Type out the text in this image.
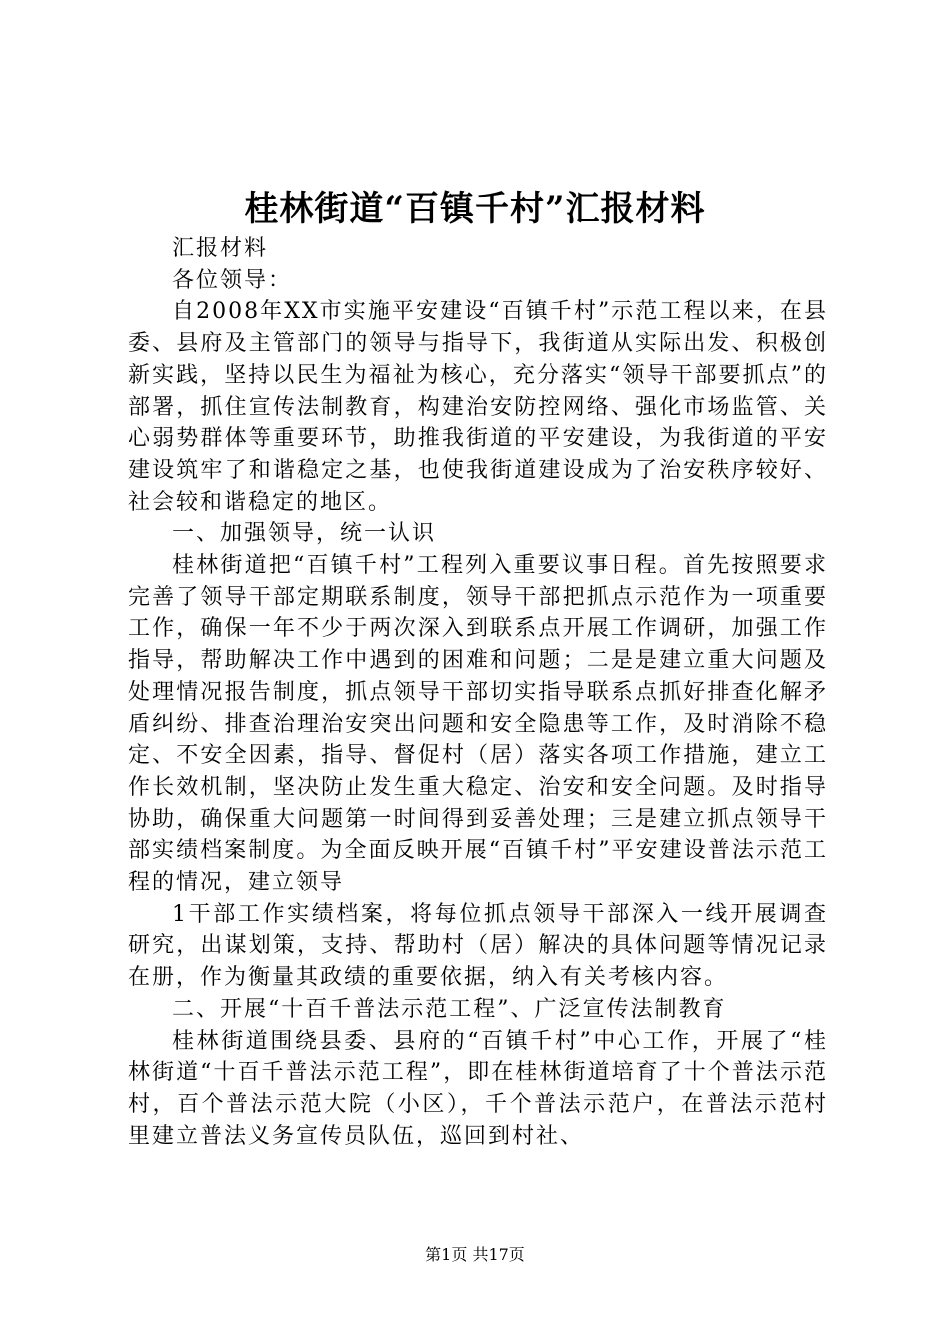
桂林街道“百镇千村”汇报材料

汇报材料

各位领导：

自2008年XX市实施平安建设“百镇千村”示范工程以来，在县委、县府及主管部门的领导与指导下，我街道从实际出发、积极创新实践，坚持以民生为福祉为核心，充分落实“领导干部要抓点”的部署，抓住宣传法制教育，构建治安防控网络、强化市场监管、关心弱势群体等重要环节，助推我街道的平安建设，为我街道的平安建设筑牢了和谐稳定之基，也使我街道建设成为了治安秩序较好、社会较和谐稳定的地区。

一、加强领导，统一认识

桂林街道把“百镇千村”工程列入重要议事日程。首先按照要求完善了领导干部定期联系制度，领导干部把抓点示范作为一项重要工作，确保一年不少于两次深入到联系点开展工作调研，加强工作指导，帮助解决工作中遇到的困难和问题；二是是建立重大问题及处理情况报告制度，抓点领导干部切实指导联系点抓好排查化解矛盾纠纷、排查治理治安突出问题和安全隐患等工作，及时消除不稳定、不安全因素，指导、督促村（居）落实各项工作措施，建立工作长效机制，坚决防止发生重大稳定、治安和安全问题。及时指导协助，确保重大问题第一时间得到妥善处理；三是建立抓点领导干部实绩档案制度。为全面反映开展“百镇千村”平安建设普法示范工程的情况，建立领导

1干部工作实绩档案，将每位抓点领导干部深入一线开展调查研究，出谋划策，支持、帮助村（居）解决的具体问题等情况记录在册，作为衡量其政绩的重要依据，纳入有关考核内容。

二、开展“十百千普法示范工程”、广泛宣传法制教育

桂林街道围绕县委、县府的“百镇千村”中心工作，开展了“桂林街道“十百千普法示范工程”，即在桂林街道培育了十个普法示范村，百个普法示范大院（小区），千个普法示范户，在普法示范村里建立普法义务宣传员队伍，巡回到村社、

第1页 共17页
